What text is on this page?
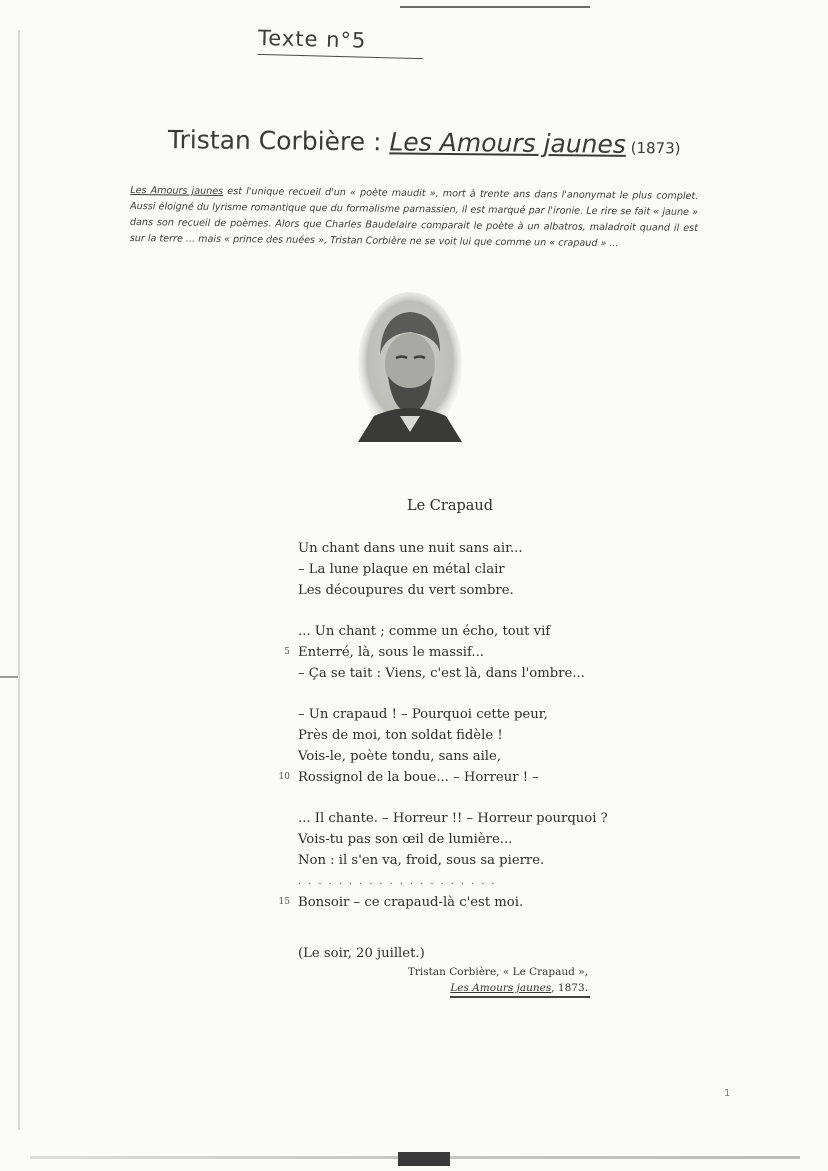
Texte n°5
Tristan Corbière : Les Amours jaunes (1873)
Les Amours jaunes est l'unique recueil d'un « poète maudit », mort à trente ans dans l'anonymat le plus complet. Aussi éloigné du lyrisme romantique que du formalisme parnassien, il est marqué par l'ironie. Le rire se fait « jaune » dans son recueil de poèmes. Alors que Charles Baudelaire comparait le poète à un albatros, maladroit quand il est sur la terre ... mais « prince des nuées », Tristan Corbière ne se voit lui que comme un « crapaud » ...
Le Crapaud
Un chant dans une nuit sans air...
– La lune plaque en métal clair
Les découpures du vert sombre.
... Un chant ; comme un écho, tout vif
5 Enterré, là, sous le massif...
– Ça se tait : Viens, c'est là, dans l'ombre...
– Un crapaud ! – Pourquoi cette peur,
Près de moi, ton soldat fidèle !
Vois-le, poète tondu, sans aile,
10 Rossignol de la boue... – Horreur ! –
... Il chante. – Horreur !! – Horreur pourquoi ?
Vois-tu pas son œil de lumière...
Non : il s'en va, froid, sous sa pierre.
....................
15 Bonsoir – ce crapaud-là c'est moi.
(Le soir, 20 juillet.)
Tristan Corbière, « Le Crapaud »,
Les Amours jaunes, 1873.
1
